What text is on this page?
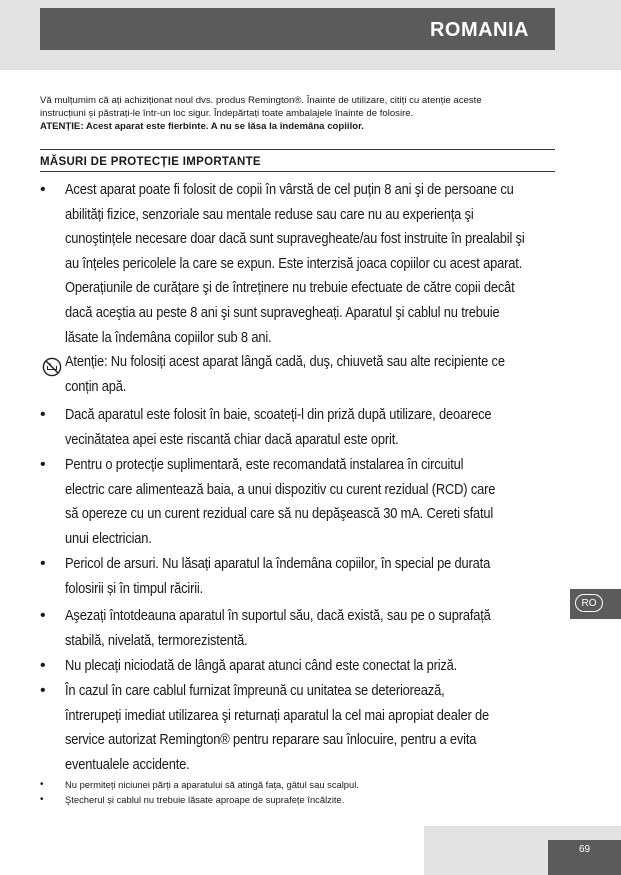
ROMANIA
Vă mulțumim că ați achiziționat noul dvs. produs Remington®. Înainte de utilizare, citiți cu atenție aceste
instrucțiuni și păstrați-le într-un loc sigur. Îndepărtați toate ambalajele înainte de folosire.
ATENȚIE: Acest aparat este fierbinte. A nu se lăsa la îndemâna copiilor.
MĂSURI DE PROTECȚIE IMPORTANTE
• Acest aparat poate fi folosit de copii în vârstă de cel puțin 8 ani şi de persoane cu
abilități fizice, senzoriale sau mentale reduse sau care nu au experiența şi
cunoştințele necesare doar dacă sunt supravegheate/au fost instruite în prealabil şi
au înțeles pericolele la care se expun. Este interzisă joaca copiilor cu acest aparat.
Operațiunile de curățare şi de întreținere nu trebuie efectuate de către copii decât
dacă aceştia au peste 8 ani şi sunt supravegheați. Aparatul şi cablul nu trebuie
lăsate la îndemâna copiilor sub 8 ani.
Atenție: Nu folosiți acest aparat lângă cadă, duş, chiuvetă sau alte recipiente ce
conțin apă.
• Dacă aparatul este folosit în baie, scoateți-l din priză după utilizare, deoarece
vecinătatea apei este riscantă chiar dacă aparatul este oprit.
• Pentru o protecție suplimentară, este recomandată instalarea în circuitul
electric care alimentează baia, a unui dispozitiv cu curent rezidual (RCD) care
să opereze cu un curent rezidual care să nu depăşească 30 mA. Cereti sfatul
unui electrician.
• Pericol de arsuri. Nu lăsați aparatul la îndemâna copiilor, în special pe durata
folosirii și în timpul răcirii.
• Aşezați întotdeauna aparatul în suportul său, dacă există, sau pe o suprafață
stabilă, nivelată, termorezistentă.
• Nu plecați niciodată de lângă aparat atunci când este conectat la priză.
• În cazul în care cablul furnizat împreună cu unitatea se deteriorează,
întrerupeți imediat utilizarea şi returnați aparatul la cel mai apropiat dealer de
service autorizat Remington® pentru reparare sau înlocuire, pentru a evita
eventualele accidente.
• Nu permiteți niciunei părți a aparatului să atingă fața, gâtul sau scalpul.
• Ştecherul și cablul nu trebuie lăsate aproape de suprafețe încălzite.
RO
69
